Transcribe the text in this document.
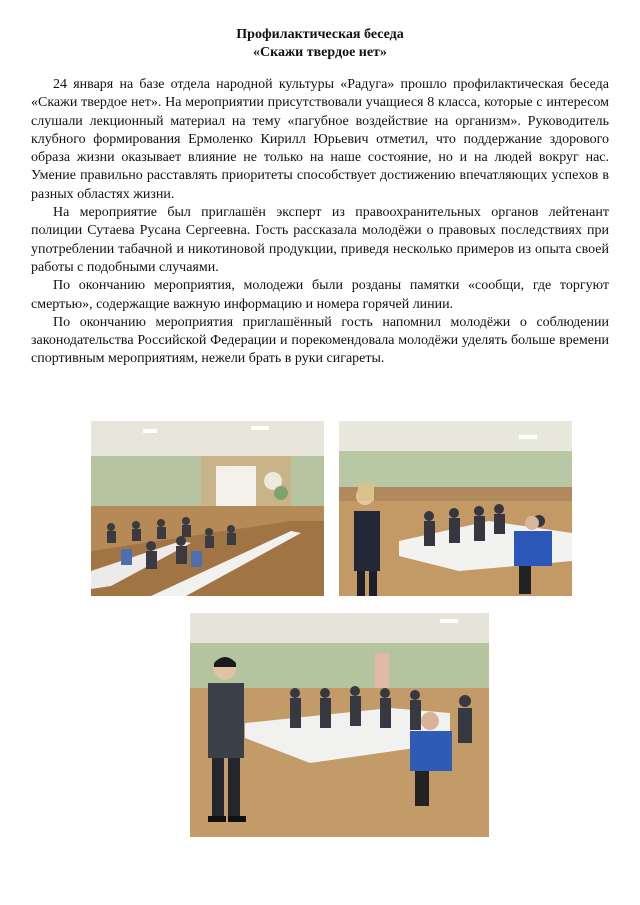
Профилактическая беседа
«Скажи твердое нет»

24 января на базе отдела народной культуры «Радуга» прошло профилактическая беседа «Скажи твердое нет». На мероприятии присутствовали учащиеся 8 класса, которые с интересом слушали лекционный материал на тему «пагубное воздействие на организм». Руководитель клубного формирования Ермоленко Кирилл Юрьевич отметил, что поддержание здорового образа жизни оказывает влияние не только на наше состояние, но и на людей вокруг нас. Умение правильно расставлять приоритеты способствует достижению впечатляющих успехов в разных областях жизни.

На мероприятие был приглашён эксперт из правоохранительных органов лейтенант полиции Сутаева Русана Сергеевна. Гость рассказала молодёжи о правовых последствиях при употреблении табачной и никотиновой продукции, приведя несколько примеров из опыта своей работы с подобными случаями.

По окончанию мероприятия, молодежи были розданы памятки «сообщи, где торгуют смертью», содержащие важную информацию и номера горячей линии.

По окончанию мероприятия приглашённый гость напомнил молодёжи о соблюдении законодательства Российской Федерации и порекомендовала молодёжи уделять больше времени спортивным мероприятиям, нежели брать в руки сигареты.
